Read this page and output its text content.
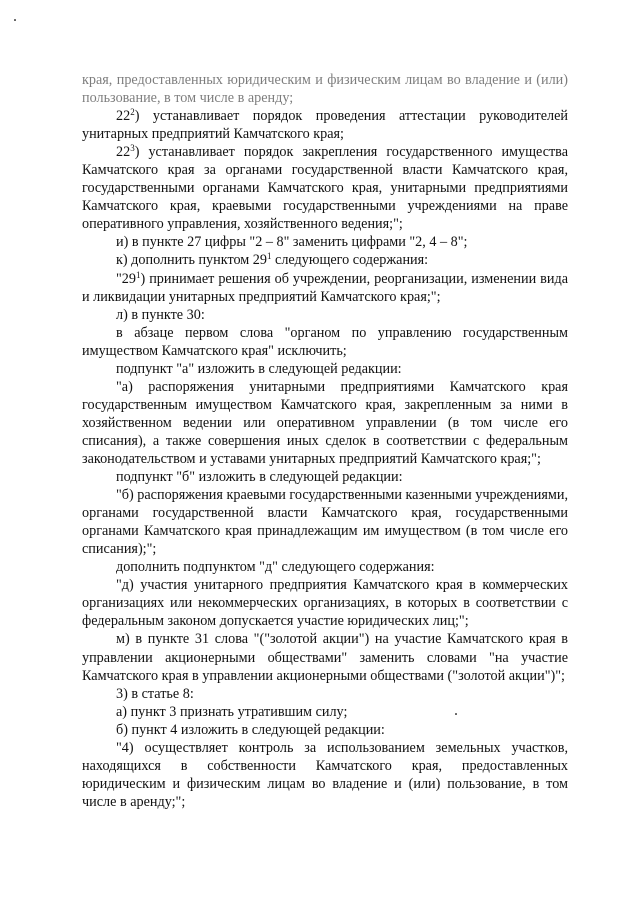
края, предоставленных юридическим и физическим лицам во владение и (или) пользование, в том числе в аренду;

$22^2$) устанавливает порядок проведения аттестации руководителей унитарных предприятий Камчатского края;

$22^3$) устанавливает порядок закрепления государственного имущества Камчатского края за органами государственной власти Камчатского края, государственными органами Камчатского края, унитарными предприятиями Камчатского края, краевыми государственными учреждениями на праве оперативного управления, хозяйственного ведения;";

и) в пункте 27 цифры "2 – 8" заменить цифрами "2, 4 – 8";

к) дополнить пунктом $29^1$ следующего содержания:

"$29^1$) принимает решения об учреждении, реорганизации, изменении вида и ликвидации унитарных предприятий Камчатского края;";

л) в пункте 30:

в абзаце первом слова "органом по управлению государственным имуществом Камчатского края" исключить;

подпункт "а" изложить в следующей редакции:

"а) распоряжения унитарными предприятиями Камчатского края государственным имуществом Камчатского края, закрепленным за ними в хозяйственном ведении или оперативном управлении (в том числе его списания), а также совершения иных сделок в соответствии с федеральным законодательством и уставами унитарных предприятий Камчатского края;";

подпункт "б" изложить в следующей редакции:

"б) распоряжения краевыми государственными казенными учреждениями, органами государственной власти Камчатского края, государственными органами Камчатского края принадлежащим им имуществом (в том числе его списания);";

дополнить подпунктом "д" следующего содержания:

"д) участия унитарного предприятия Камчатского края в коммерческих организациях или некоммерческих организациях, в которых в соответствии с федеральным законом допускается участие юридических лиц;";

м) в пункте 31 слова "("золотой акции") на участие Камчатского края в управлении акционерными обществами" заменить словами "на участие Камчатского края в управлении акционерными обществами ("золотой акции")";

3) в статье 8:

а) пункт 3 признать утратившим силу;

б) пункт 4 изложить в следующей редакции:

"4) осуществляет контроль за использованием земельных участков, находящихся в собственности Камчатского края, предоставленных юридическим и физическим лицам во владение и (или) пользование, в том числе в аренду;";
